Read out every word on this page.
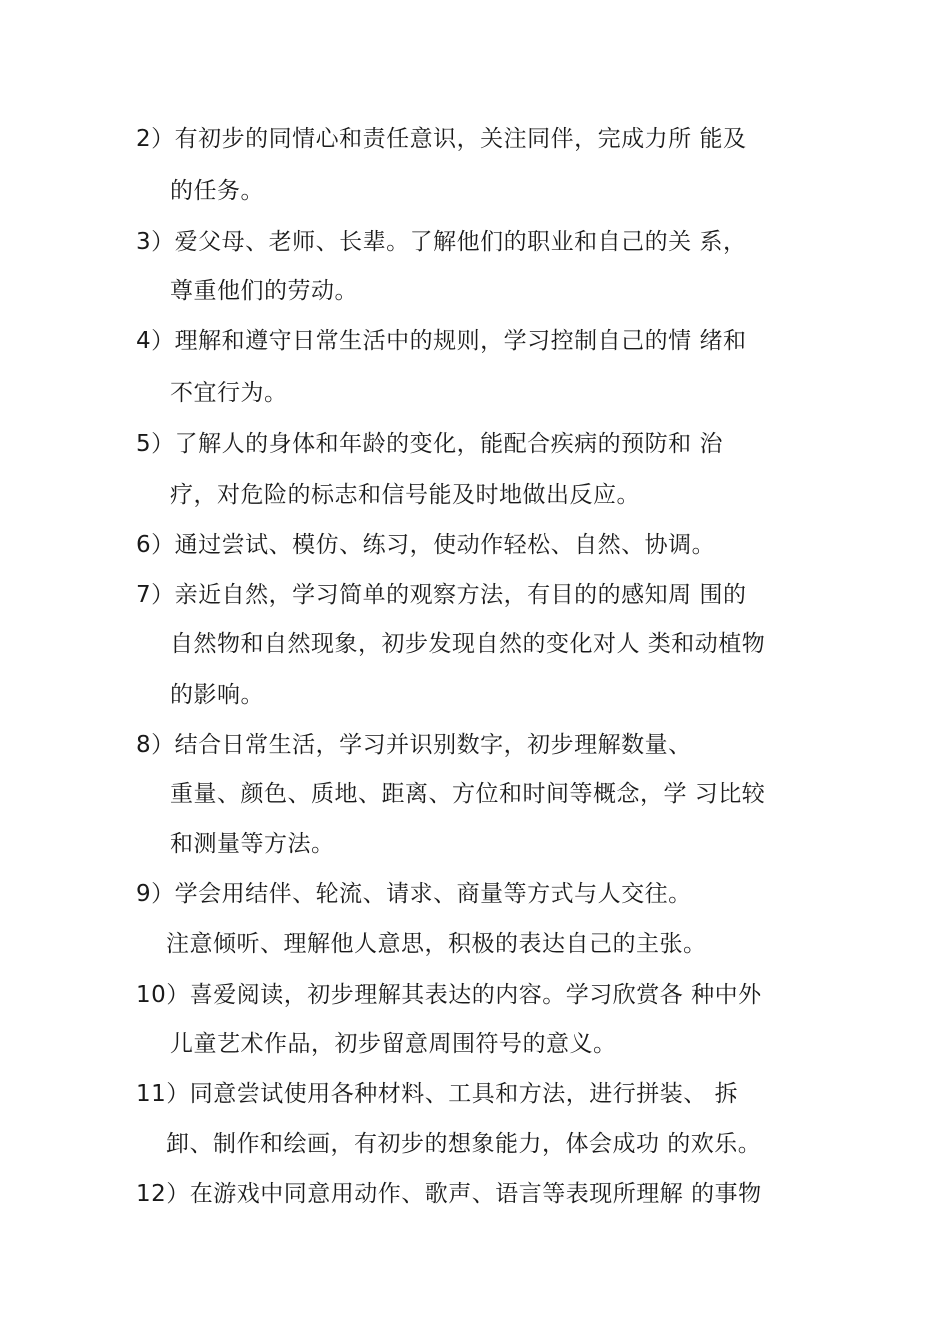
2）有初步的同情心和责任意识，关注同伴，完成力所 能及
的任务。
3）爱父母、老师、长辈。了解他们的职业和自己的关 系，
尊重他们的劳动。
4）理解和遵守日常生活中的规则，学习控制自己的情 绪和
不宜行为。
5）了解人的身体和年龄的变化，能配合疾病的预防和 治
疗，对危险的标志和信号能及时地做出反应。
6）通过尝试、模仿、练习，使动作轻松、自然、协调。
7）亲近自然，学习简单的观察方法，有目的的感知周 围的
自然物和自然现象，初步发现自然的变化对人 类和动植物
的影响。
8）结合日常生活，学习并识别数字，初步理解数量、
重量、颜色、质地、距离、方位和时间等概念，学 习比较
和测量等方法。
9）学会用结伴、轮流、请求、商量等方式与人交往。
注意倾听、理解他人意思，积极的表达自己的主张。
10）喜爱阅读，初步理解其表达的内容。学习欣赏各 种中外
儿童艺术作品，初步留意周围符号的意义。
11）同意尝试使用各种材料、工具和方法，进行拼装、 拆
卸、制作和绘画，有初步的想象能力，体会成功 的欢乐。
12）在游戏中同意用动作、歌声、语言等表现所理解 的事物
